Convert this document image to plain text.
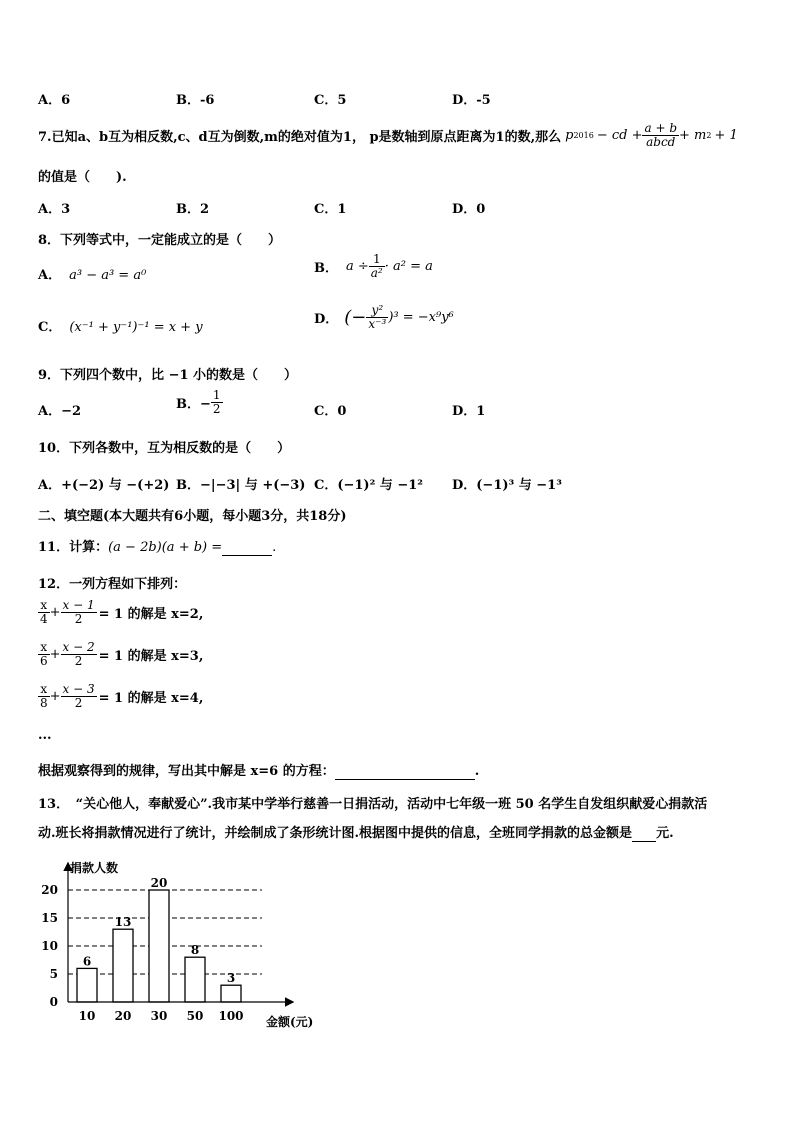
A．6	B．-6	C．5	D．-5
7.已知a、b互为相反数,c、d互为倒数,m的绝对值为1， p是数轴到原点距离为1的数,那么 p 2016 − cd + $\frac{a + b}{\text{abcd}} + m$ 2 + 1
的值是（　　).
A．3	B．2	C．1	D．0
8．下列等式中，一定能成立的是（　　）
A． a³ − a³ = a⁰	B． $a \div \frac{1}{\text{a²}} \cdot a^2 = a$
C． (x⁻¹ + y⁻¹)⁻¹ = x + y
D． (− $\frac{\text{y²}}{\text{x⁻³}} )^3 = -x^9y^6$
9．下列四个数中，比 −1 小的数是（　　）
A．−2	B．− $\frac{1}{2}$	C．0	D．1
10．下列各数中，互为相反数的是（　　）
A．+(−2) 与 −(+2) B．−|−3| 与 +(−3) C．(−1)² 与 −1² D．(−1)³ 与 −1³
二、填空题(本大题共有6小题，每小题3分，共18分)
11．计算：(a − 2b)(a + b) =	.
12．一列方程如下排列：
$\frac{x}{4} + \frac{x - 1}{2} = 1$ 的解是 x=2,
$\frac{x}{6} + \frac{x - 2}{2} = 1$ 的解是 x=3,
$\frac{x}{8} + \frac{x - 3}{2} = 1$ 的解是 x=4,
...
根据观察得到的规律，写出其中解是 x=6 的方程：	.
13．　“关心他人，奉献爱心”.我市某中学举行慈善一日捐活动，活动中七年级一班 50 名学生自发组织献爱心捐款活
动.班长将捐款情况进行了统计，并绘制成了条形统计图.根据图中提供的信息，全班同学捐款的总金额是 元.
6
13
20
8
3
0
5
10
15
20
10 20 30 50 100
捐款人数
金额(元)
